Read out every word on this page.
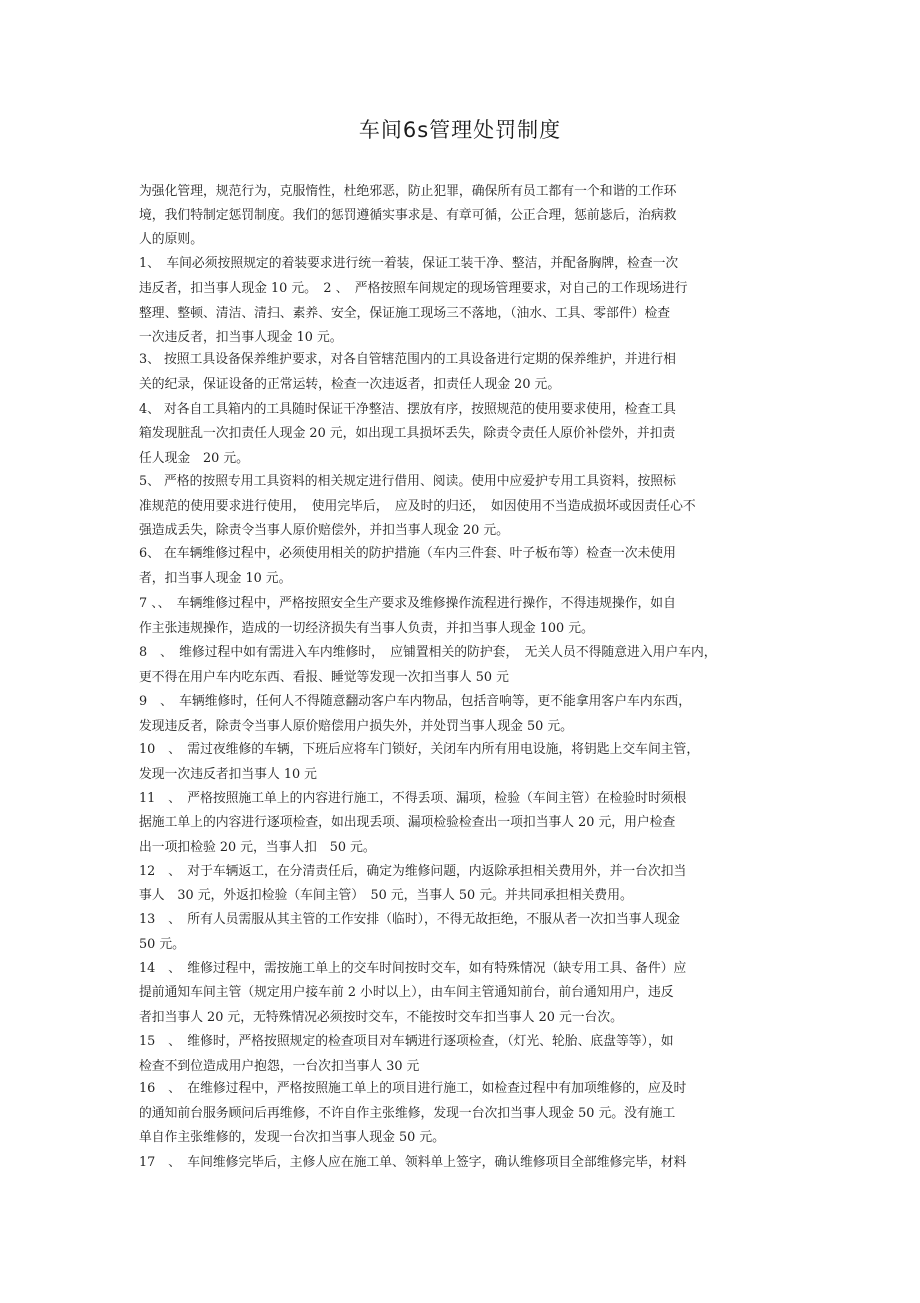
车间6s管理处罚制度
为强化管理，规范行为，克服惰性，杜绝邪恶，防止犯罪，确保所有员工都有一个和谐的工作环
境，我们特制定惩罚制度。我们的惩罚遵循实事求是、有章可循，公正合理，惩前毖后，治病救
人的原则。
1、　车间必须按照规定的着装要求进行统一着装，保证工装干净、整洁，并配备胸牌，检查一次
违反者，扣当事人现金 10 元。　2 、　严格按照车间规定的现场管理要求，对自己的工作现场进行
整理、整顿、清洁、清扫、素养、安全，保证施工现场三不落地，（油水、工具、零部件）检查
一次违反者，扣当事人现金 10 元。
3、 按照工具设备保养维护要求，对各自管辖范围内的工具设备进行定期的保养维护，并进行相
关的纪录，保证设备的正常运转，检查一次违返者，扣责任人现金 20 元。
4、 对各自工具箱内的工具随时保证干净整洁、摆放有序，按照规范的使用要求使用，检查工具
箱发现脏乱一次扣责任人现金 20 元，如出现工具损坏丢失，除责令责任人原价补偿外，并扣责
任人现金　20 元。
5、 严格的按照专用工具资料的相关规定进行借用、阅读。使用中应爱护专用工具资料，按照标
准规范的使用要求进行使用，　使用完毕后，　应及时的归还，　如因使用不当造成损坏或因责任心不
强造成丢失，除责令当事人原价赔偿外，并扣当事人现金 20 元。
6、 在车辆维修过程中，必须使用相关的防护措施（车内三件套、叶子板布等）检查一次未使用
者，扣当事人现金 10 元。
7 、、　车辆维修过程中，严格按照安全生产要求及维修操作流程进行操作，不得违规操作，如自
作主张违规操作，造成的一切经济损失有当事人负责，并扣当事人现金 100 元。
8　、　维修过程中如有需进入车内维修时，　应铺置相关的防护套，　无关人员不得随意进入用户车内，
更不得在用户车内吃东西、看报、睡觉等发现一次扣当事人 50 元
9　、　车辆维修时，任何人不得随意翻动客户车内物品，包括音响等，更不能拿用客户车内东西，
发现违反者，除责令当事人原价赔偿用户损失外，并处罚当事人现金 50 元。
10　、　需过夜维修的车辆，下班后应将车门锁好，关闭车内所有用电设施，将钥匙上交车间主管，
发现一次违反者扣当事人 10 元
11　、　严格按照施工单上的内容进行施工，不得丢项、漏项，检验（车间主管）在检验时时须根
据施工单上的内容进行逐项检查，如出现丢项、漏项检验检查出一项扣当事人 20 元，用户检查
出一项扣检验 20 元，当事人扣　50 元。
12　、　对于车辆返工，在分清责任后，确定为维修问题，内返除承担相关费用外，并一台次扣当
事人　30 元，外返扣检验（车间主管）　50 元，当事人 50 元。并共同承担相关费用。
13　、　所有人员需服从其主管的工作安排（临时），不得无故拒绝，不服从者一次扣当事人现金
50 元。
14　、　维修过程中，需按施工单上的交车时间按时交车，如有特殊情况（缺专用工具、备件）应
提前通知车间主管（规定用户接车前 2 小时以上），由车间主管通知前台，前台通知用户，违反
者扣当事人 20 元，无特殊情况必须按时交车，不能按时交车扣当事人 20 元一台次。
15　、　维修时，严格按照规定的检查项目对车辆进行逐项检查，（灯光、轮胎、底盘等等），如
检查不到位造成用户抱怨，一台次扣当事人 30 元
16　、　在维修过程中，严格按照施工单上的项目进行施工，如检查过程中有加项维修的，应及时
的通知前台服务顾问后再维修，不许自作主张维修，发现一台次扣当事人现金 50 元。没有施工
单自作主张维修的，发现一台次扣当事人现金 50 元。
17　、　车间维修完毕后，主修人应在施工单、领料单上签字，确认维修项目全部维修完毕，材料
